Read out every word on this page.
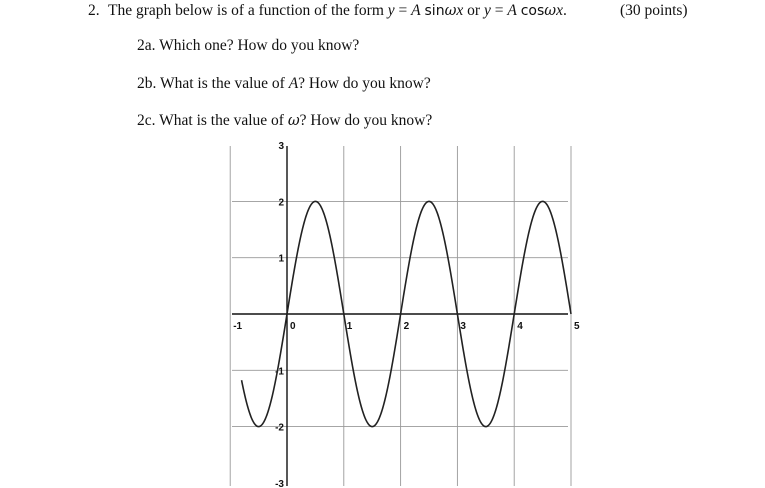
2. The graph below is of a function of the form y = A sinωx or y = A cosωx.	(30 points)
2a. Which one? How do you know?
2b. What is the value of A? How do you know?
2c. What is the value of ω? How do you know?
-1	0	1	2	3	4	5
3
2
1
-1
-2
-3
